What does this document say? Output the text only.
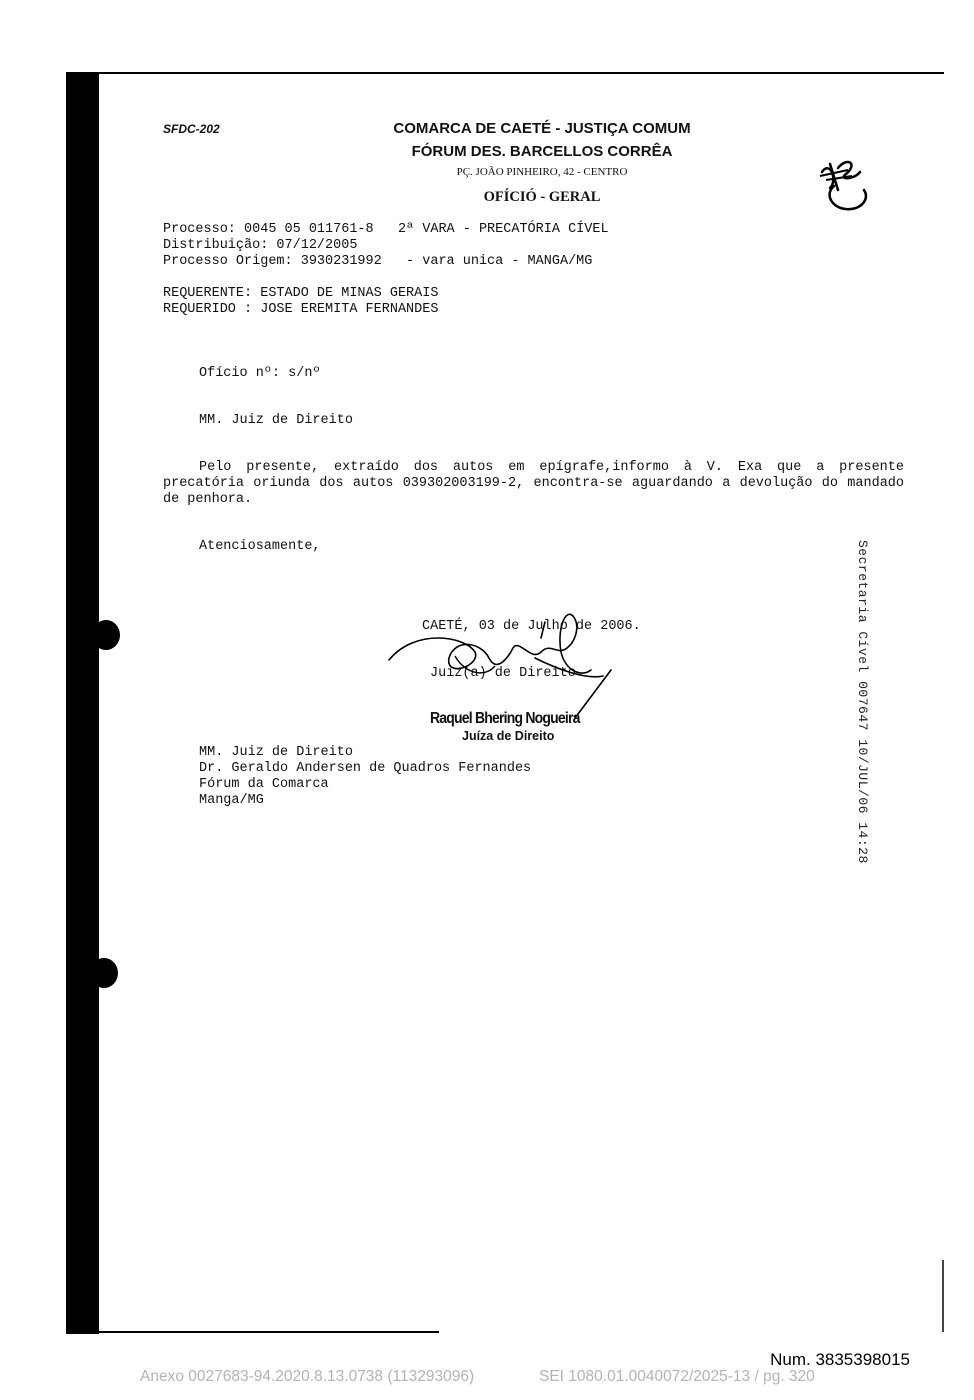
SFDC-202	COMARCA DE CAETÉ - JUSTIÇA COMUM
FÓRUM DES. BARCELLOS CORRÊA
PÇ. JOÃO PINHEIRO, 42 - CENTRO
OFÍCIÓ - GERAL
Processo: 0045 05 011761-8   2ª VARA - PRECATÓRIA CÍVEL
Distribuição: 07/12/2005
Processo Origem: 3930231992   - vara unica - MANGA/MG
REQUERENTE: ESTADO DE MINAS GERAIS
REQUERIDO : JOSE EREMITA FERNANDES
Ofício nº: s/nº
MM. Juiz de Direito
Pelo presente, extraído dos autos em epígrafe,informo à V. Exa que a presente precatória oriunda dos autos 039302003199-2, encontra-se aguardando a devolução do mandado de penhora.
Atenciosamente,
CAETÉ, 03 de Julho de 2006.
Juiz(a) de Direito
Raquel Bhering Nogueira
Juíza de Direito
MM. Juiz de Direito
Dr. Geraldo Andersen de Quadros Fernandes
Fórum da Comarca
Manga/MG	Secretaria Cível 007647 10/JUL/06 14:28
Num. 3835398015
Anexo 0027683-94.2020.8.13.0738 (113293096)	SEI 1080.01.0040072/2025-13 / pg. 320
